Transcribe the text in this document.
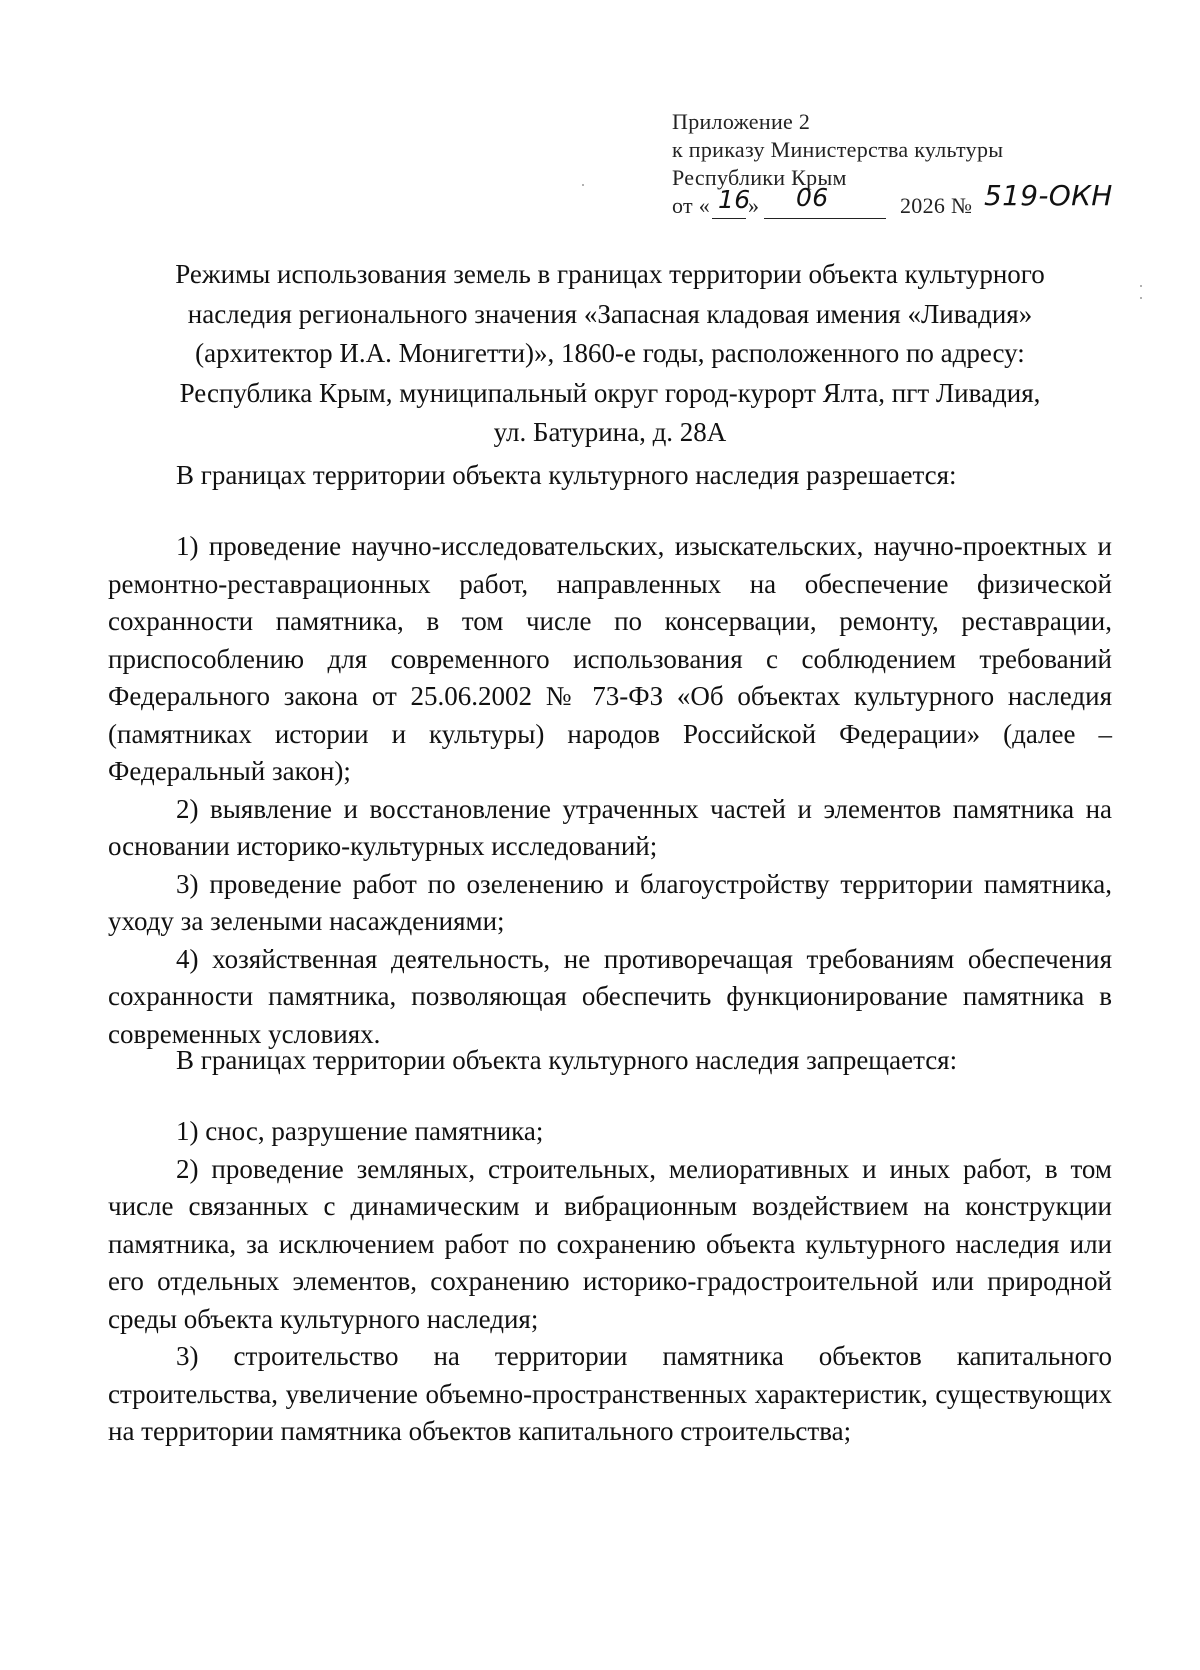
Приложение 2
к приказу Министерства культуры
Республики Крым
от « 16
» 06	2026 № 519-ОКН
Режимы использования земель в границах территории объекта культурного
наследия регионального значения «Запасная кладовая имения «Ливадия»
(архитектор И.А. Монигетти)», 1860-е годы, расположенного по адресу:
Республика Крым, муниципальный округ город-курорт Ялта, пгт Ливадия,
ул. Батурина, д. 28А

В границах территории объекта культурного наследия разрешается:

1) проведение научно-исследовательских, изыскательских, научно-проектных и ремонтно-реставрационных работ, направленных на обеспечение физической сохранности памятника, в том числе по консервации, ремонту, реставрации, приспособлению для современного использования с соблюдением требований Федерального закона от 25.06.2002 № 73-ФЗ «Об объектах культурного наследия (памятниках истории и культуры) народов Российской Федерации» (далее – Федеральный закон);

2) выявление и восстановление утраченных частей и элементов памятника на основании историко-культурных исследований;

3) проведение работ по озеленению и благоустройству территории памятника, уходу за зелеными насаждениями;

4) хозяйственная деятельность, не противоречащая требованиям обеспечения сохранности памятника, позволяющая обеспечить функционирование памятника в современных условиях.

В границах территории объекта культурного наследия запрещается:

1) снос, разрушение памятника;

2) проведение земляных, строительных, мелиоративных и иных работ, в том числе связанных с динамическим и вибрационным воздействием на конструкции памятника, за исключением работ по сохранению объекта культурного наследия или его отдельных элементов, сохранению историко-градостроительной или природной среды объекта культурного наследия;

3) строительство на территории памятника объектов капитального строительства, увеличение объемно-пространственных характеристик, существующих на территории памятника объектов капитального строительства;
